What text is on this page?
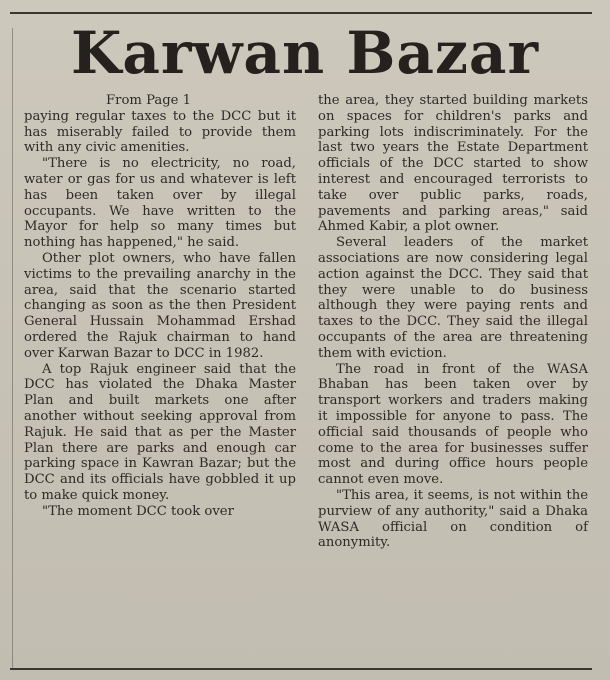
Karwan Bazar

From Page 1

paying regular taxes to the DCC but it has miserably failed to provide them with any civic amenities.

"There is no electricity, no road, water or gas for us and whatever is left has been taken over by illegal occupants. We have written to the Mayor for help so many times but nothing has happened," he said.

Other plot owners, who have fallen victims to the prevailing anarchy in the area, said that the scenario started changing as soon as the then President General Hussain Mohammad Ershad ordered the Rajuk chairman to hand over Karwan Bazar to DCC in 1982.

A top Rajuk engineer said that the DCC has violated the Dhaka Master Plan and built markets one after another without seeking approval from Rajuk. He said that as per the Master Plan there are parks and enough car parking space in Kawran Bazar; but the DCC and its officials have gobbled it up to make quick money.

"The moment DCC took over

the area, they started building markets on spaces for children's parks and parking lots indiscriminately. For the last two years the Estate Department officials of the DCC started to show interest and encouraged terrorists to take over public parks, roads, pavements and parking areas," said Ahmed Kabir, a plot owner.

Several leaders of the market associations are now considering legal action against the DCC. They said that they were unable to do business although they were paying rents and taxes to the DCC. They said the illegal occupants of the area are threatening them with eviction.

The road in front of the WASA Bhaban has been taken over by transport workers and traders making it impossible for anyone to pass. The official said thousands of people who come to the area for businesses suffer most and during office hours people cannot even move.

"This area, it seems, is not within the purview of any authority," said a Dhaka WASA official on condition of anonymity.
